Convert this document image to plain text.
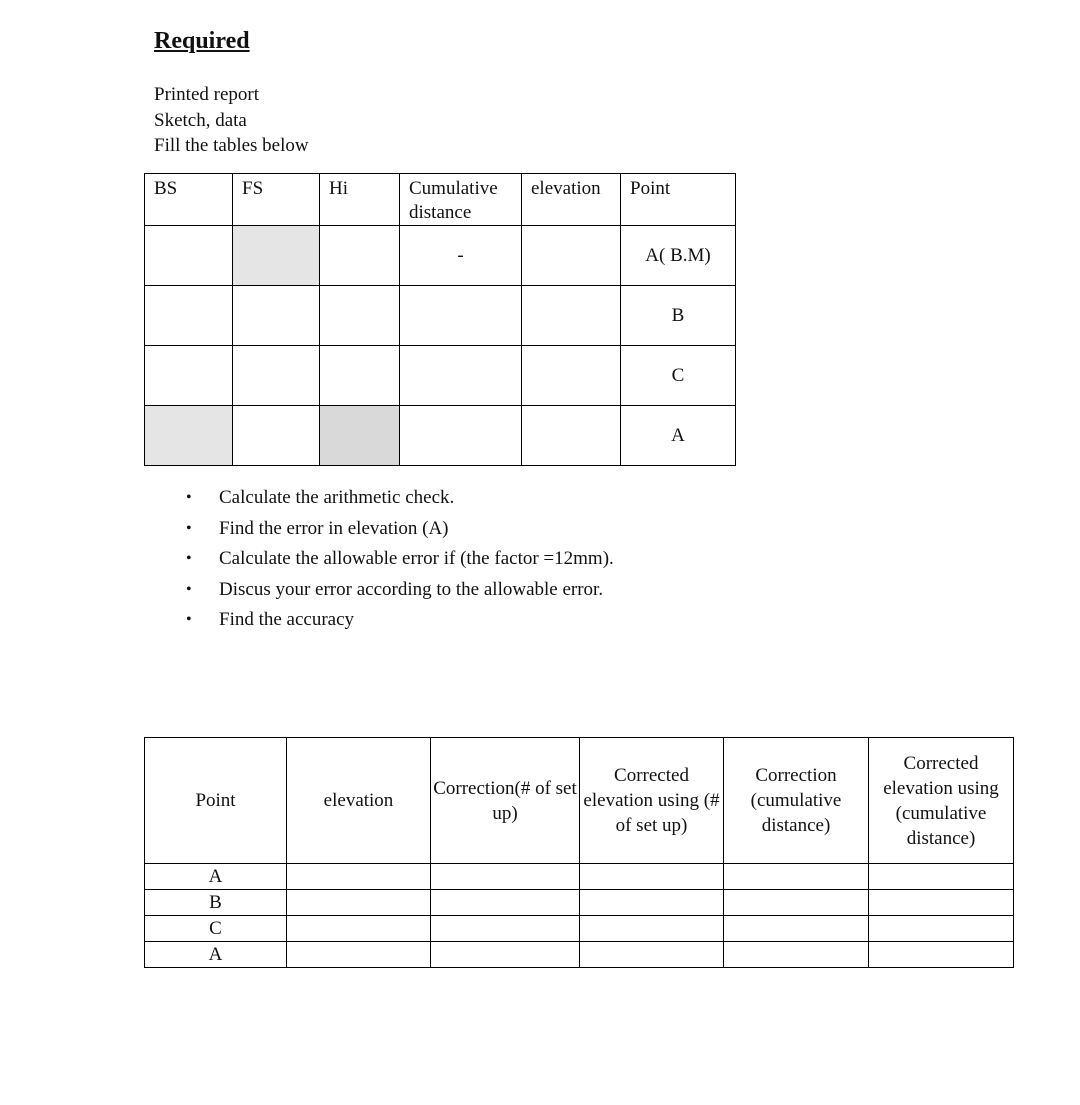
Required
Printed report
Sketch, data
Fill the tables below
BS	FS	Hi	Cumulative distance	elevation	Point
			-		A( B.M)
					B
					C
					A
•	Calculate the arithmetic check.
•	Find the error in elevation (A)
•	Calculate the allowable error if (the factor =12mm).
•	Discus your error according to the allowable error.
•	Find the accuracy
Point	elevation	Correction(# of set up)	Corrected elevation using (# of set up)	Correction (cumulative distance)	Corrected elevation using (cumulative distance)
A					
B					
C					
A					
